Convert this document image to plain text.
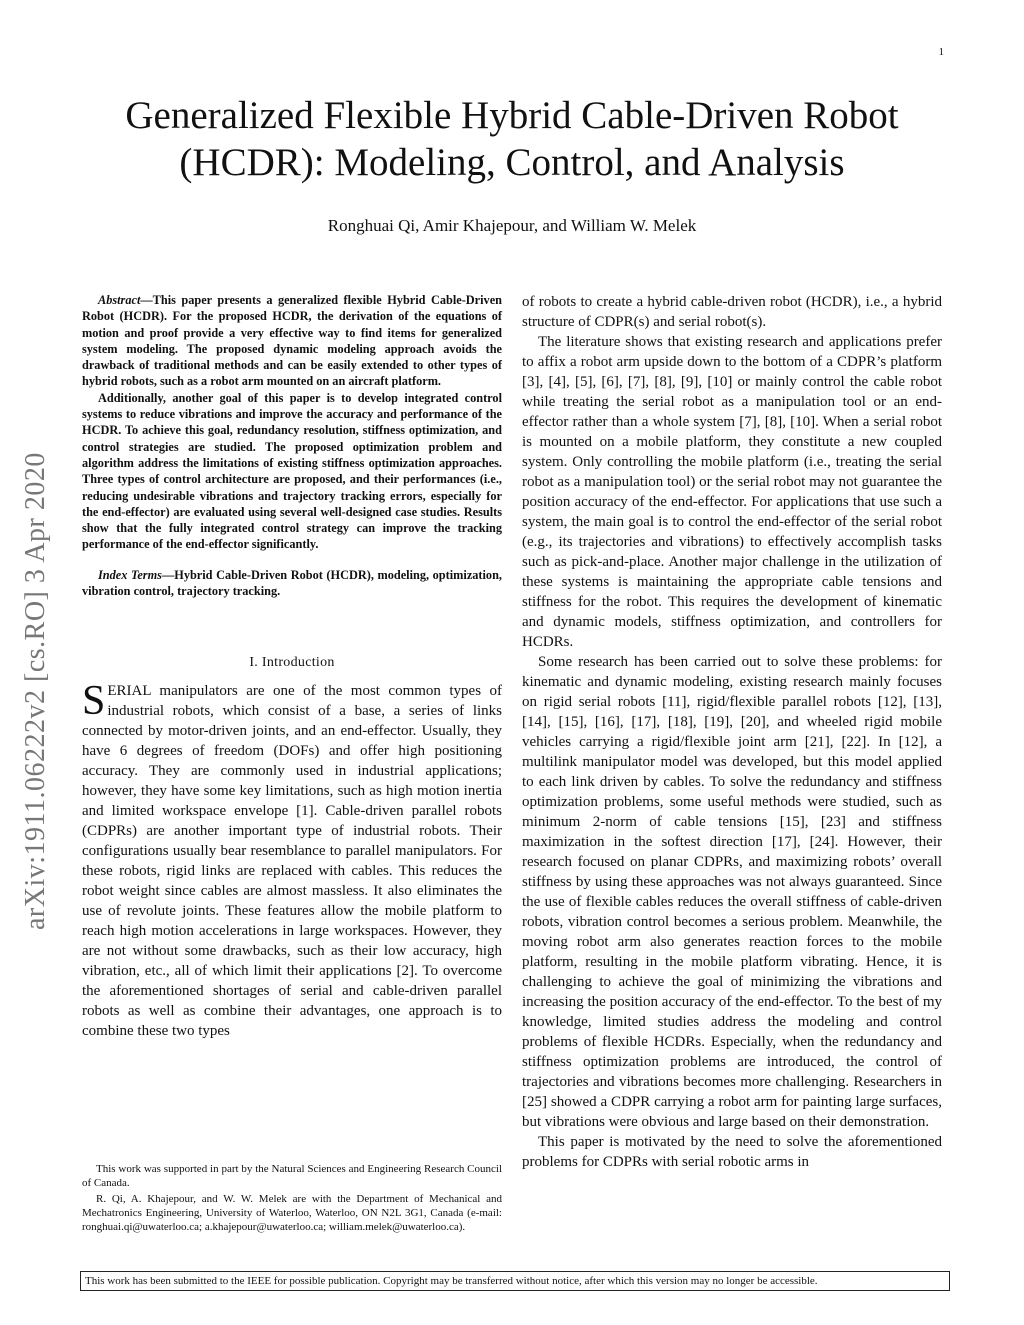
1
Generalized Flexible Hybrid Cable-Driven Robot (HCDR): Modeling, Control, and Analysis
Ronghuai Qi, Amir Khajepour, and William W. Melek
arXiv:1911.06222v2 [cs.RO] 3 Apr 2020

Abstract—This paper presents a generalized flexible Hybrid Cable-Driven Robot (HCDR). For the proposed HCDR, the derivation of the equations of motion and proof provide a very effective way to find items for generalized system modeling. The proposed dynamic modeling approach avoids the drawback of traditional methods and can be easily extended to other types of hybrid robots, such as a robot arm mounted on an aircraft platform.

Additionally, another goal of this paper is to develop integrated control systems to reduce vibrations and improve the accuracy and performance of the HCDR. To achieve this goal, redundancy resolution, stiffness optimization, and control strategies are studied. The proposed optimization problem and algorithm address the limitations of existing stiffness optimization approaches. Three types of control architecture are proposed, and their performances (i.e., reducing undesirable vibrations and trajectory tracking errors, especially for the end-effector) are evaluated using several well-designed case studies. Results show that the fully integrated control strategy can improve the tracking performance of the end-effector significantly.

Index Terms—Hybrid Cable-Driven Robot (HCDR), modeling, optimization, vibration control, trajectory tracking.

I. Introduction

SERIAL manipulators are one of the most common types of industrial robots, which consist of a base, a series of links connected by motor-driven joints, and an end-effector. Usually, they have 6 degrees of freedom (DOFs) and offer high positioning accuracy. They are commonly used in industrial applications; however, they have some key limitations, such as high motion inertia and limited workspace envelope [1]. Cable-driven parallel robots (CDPRs) are another important type of industrial robots. Their configurations usually bear resemblance to parallel manipulators. For these robots, rigid links are replaced with cables. This reduces the robot weight since cables are almost massless. It also eliminates the use of revolute joints. These features allow the mobile platform to reach high motion accelerations in large workspaces. However, they are not without some drawbacks, such as their low accuracy, high vibration, etc., all of which limit their applications [2]. To overcome the aforementioned shortages of serial and cable-driven parallel robots as well as combine their advantages, one approach is to combine these two types

This work was supported in part by the Natural Sciences and Engineering Research Council of Canada.

R. Qi, A. Khajepour, and W. W. Melek are with the Department of Mechanical and Mechatronics Engineering, University of Waterloo, Waterloo, ON N2L 3G1, Canada (e-mail: ronghuai.qi@uwaterloo.ca; a.khajepour@uwaterloo.ca; william.melek@uwaterloo.ca).

of robots to create a hybrid cable-driven robot (HCDR), i.e., a hybrid structure of CDPR(s) and serial robot(s).

The literature shows that existing research and applications prefer to affix a robot arm upside down to the bottom of a CDPR’s platform [3], [4], [5], [6], [7], [8], [9], [10] or mainly control the cable robot while treating the serial robot as a manipulation tool or an end-effector rather than a whole system [7], [8], [10]. When a serial robot is mounted on a mobile platform, they constitute a new coupled system. Only controlling the mobile platform (i.e., treating the serial robot as a manipulation tool) or the serial robot may not guarantee the position accuracy of the end-effector. For applications that use such a system, the main goal is to control the end-effector of the serial robot (e.g., its trajectories and vibrations) to effectively accomplish tasks such as pick-and-place. Another major challenge in the utilization of these systems is maintaining the appropriate cable tensions and stiffness for the robot. This requires the development of kinematic and dynamic models, stiffness optimization, and controllers for HCDRs.

Some research has been carried out to solve these problems: for kinematic and dynamic modeling, existing research mainly focuses on rigid serial robots [11], rigid/flexible parallel robots [12], [13], [14], [15], [16], [17], [18], [19], [20], and wheeled rigid mobile vehicles carrying a rigid/flexible joint arm [21], [22]. In [12], a multilink manipulator model was developed, but this model applied to each link driven by cables. To solve the redundancy and stiffness optimization problems, some useful methods were studied, such as minimum 2-norm of cable tensions [15], [23] and stiffness maximization in the softest direction [17], [24]. However, their research focused on planar CDPRs, and maximizing robots’ overall stiffness by using these approaches was not always guaranteed. Since the use of flexible cables reduces the overall stiffness of cable-driven robots, vibration control becomes a serious problem. Meanwhile, the moving robot arm also generates reaction forces to the mobile platform, resulting in the mobile platform vibrating. Hence, it is challenging to achieve the goal of minimizing the vibrations and increasing the position accuracy of the end-effector. To the best of my knowledge, limited studies address the modeling and control problems of flexible HCDRs. Especially, when the redundancy and stiffness optimization problems are introduced, the control of trajectories and vibrations becomes more challenging. Researchers in [25] showed a CDPR carrying a robot arm for painting large surfaces, but vibrations were obvious and large based on their demonstration.

This paper is motivated by the need to solve the aforementioned problems for CDPRs with serial robotic arms in

This work has been submitted to the IEEE for possible publication. Copyright may be transferred without notice, after which this version may no longer be accessible.
